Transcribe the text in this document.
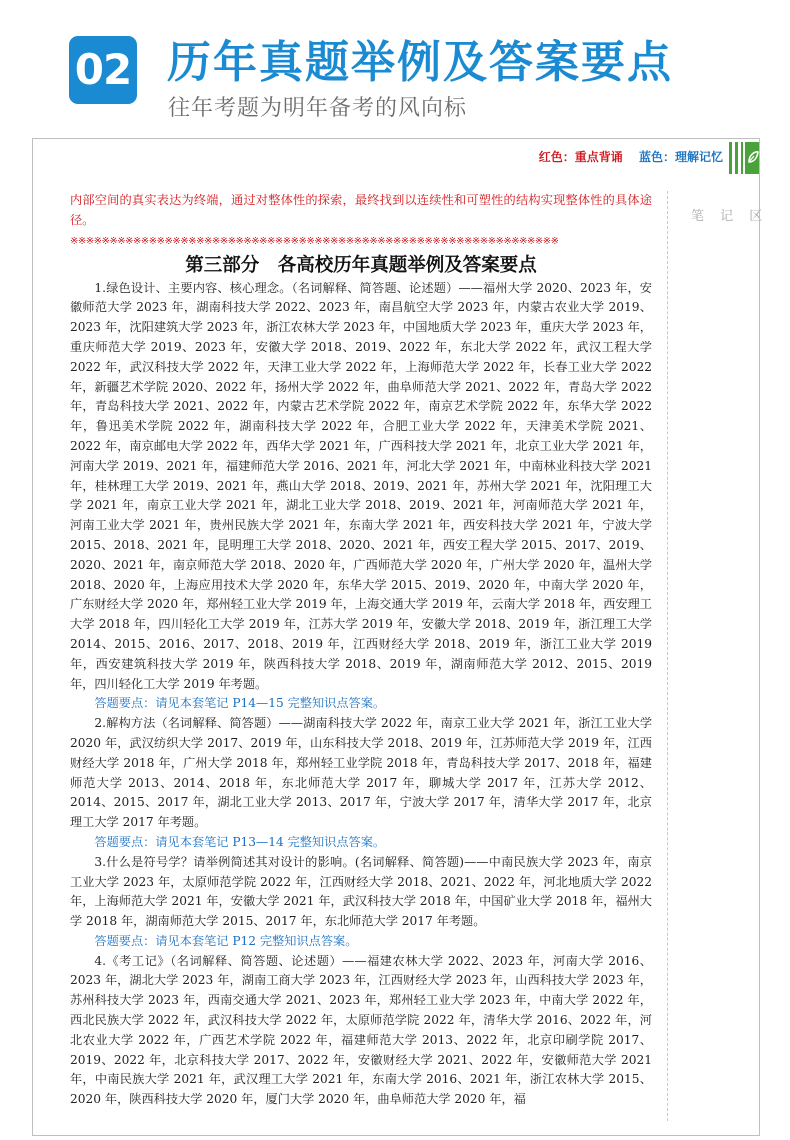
02 历年真题举例及答案要点
往年考题为明年备考的风向标
红色：重点背诵 蓝色：理解记忆
笔 记 区

内部空间的真实表达为终端，通过对整体性的探索，最终找到以连续性和可塑性的结构实现整体性的具体途径。

※※※※※※※※※※※※※※※※※※※※※※※※※※※※※※※※※※※※※※※※※※※※※※※※※※※※※※※※※※※※※※
第三部分　各高校历年真题举例及答案要点

1.绿色设计、主要内容、核心理念。（名词解释、简答题、论述题）——福州大学 2020、2023 年，安徽师范大学 2023 年，湖南科技大学 2022、2023 年，南昌航空大学 2023 年，内蒙古农业大学 2019、2023 年，沈阳建筑大学 2023 年，浙江农林大学 2023 年，中国地质大学 2023 年，重庆大学 2023 年，重庆师范大学 2019、2023 年，安徽大学 2018、2019、2022 年，东北大学 2022 年，武汉工程大学 2022 年，武汉科技大学 2022 年，天津工业大学 2022 年，上海师范大学 2022 年，长春工业大学 2022 年，新疆艺术学院 2020、2022 年，扬州大学 2022 年，曲阜师范大学 2021、2022 年，青岛大学 2022 年，青岛科技大学 2021、2022 年，内蒙古艺术学院 2022 年，南京艺术学院 2022 年，东华大学 2022 年，鲁迅美术学院 2022 年，湖南科技大学 2022 年，合肥工业大学 2022 年，天津美术学院 2021、2022 年，南京邮电大学 2022 年，西华大学 2021 年，广西科技大学 2021 年，北京工业大学 2021 年，河南大学 2019、2021 年，福建师范大学 2016、2021 年，河北大学 2021 年，中南林业科技大学 2021 年，桂林理工大学 2019、2021 年，燕山大学 2018、2019、2021 年，苏州大学 2021 年，沈阳理工大学 2021 年，南京工业大学 2021 年，湖北工业大学 2018、2019、2021 年，河南师范大学 2021 年，河南工业大学 2021 年，贵州民族大学 2021 年，东南大学 2021 年，西安科技大学 2021 年，宁波大学 2015、2018、2021 年，昆明理工大学 2018、2020、2021 年，西安工程大学 2015、2017、2019、2020、2021 年，南京师范大学 2018、2020 年，广西师范大学 2020 年，广州大学 2020 年，温州大学 2018、2020 年，上海应用技术大学 2020 年，东华大学 2015、2019、2020 年，中南大学 2020 年，广东财经大学 2020 年，郑州轻工业大学 2019 年，上海交通大学 2019 年，云南大学 2018 年，西安理工大学 2018 年，四川轻化工大学 2019 年，江苏大学 2019 年，安徽大学 2018、2019 年，浙江理工大学 2014、2015、2016、2017、2018、2019 年，江西财经大学 2018、2019 年，浙江工业大学 2019 年，西安建筑科技大学 2019 年，陕西科技大学 2018、2019 年，湖南师范大学 2012、2015、2019 年，四川轻化工大学 2019 年考题。

答题要点：请见本套笔记 P14—15 完整知识点答案。

2.解构方法（名词解释、简答题）——湖南科技大学 2022 年，南京工业大学 2021 年，浙江工业大学 2020 年，武汉纺织大学 2017、2019 年，山东科技大学 2018、2019 年，江苏师范大学 2019 年，江西财经大学 2018 年，广州大学 2018 年，郑州轻工业学院 2018 年，青岛科技大学 2017、2018 年，福建师范大学 2013、2014、2018 年，东北师范大学 2017 年，聊城大学 2017 年，江苏大学 2012、2014、2015、2017 年，湖北工业大学 2013、2017 年，宁波大学 2017 年，清华大学 2017 年，北京理工大学 2017 年考题。

答题要点：请见本套笔记 P13—14 完整知识点答案。

3.什么是符号学？请举例简述其对设计的影响。(名词解释、简答题)——中南民族大学 2023 年，南京工业大学 2023 年，太原师范学院 2022 年，江西财经大学 2018、2021、2022 年，河北地质大学 2022 年，上海师范大学 2021 年，安徽大学 2021 年，武汉科技大学 2018 年，中国矿业大学 2018 年，福州大学 2018 年，湖南师范大学 2015、2017 年，东北师范大学 2017 年考题。

答题要点：请见本套笔记 P12 完整知识点答案。

4.《考工记》（名词解释、简答题、论述题）——福建农林大学 2022、2023 年，河南大学 2016、2023 年，湖北大学 2023 年，湖南工商大学 2023 年，江西财经大学 2023 年，山西科技大学 2023 年，苏州科技大学 2023 年，西南交通大学 2021、2023 年，郑州轻工业大学 2023 年，中南大学 2022 年，西北民族大学 2022 年，武汉科技大学 2022 年，太原师范学院 2022 年，清华大学 2016、2022 年，河北农业大学 2022 年，广西艺术学院 2022 年，福建师范大学 2013、2022 年，北京印刷学院 2017、2019、2022 年，北京科技大学 2017、2022 年，安徽财经大学 2021、2022 年，安徽师范大学 2021 年，中南民族大学 2021 年，武汉理工大学 2021 年，东南大学 2016、2021 年，浙江农林大学 2015、2020 年，陕西科技大学 2020 年，厦门大学 2020 年，曲阜师范大学 2020 年，福
